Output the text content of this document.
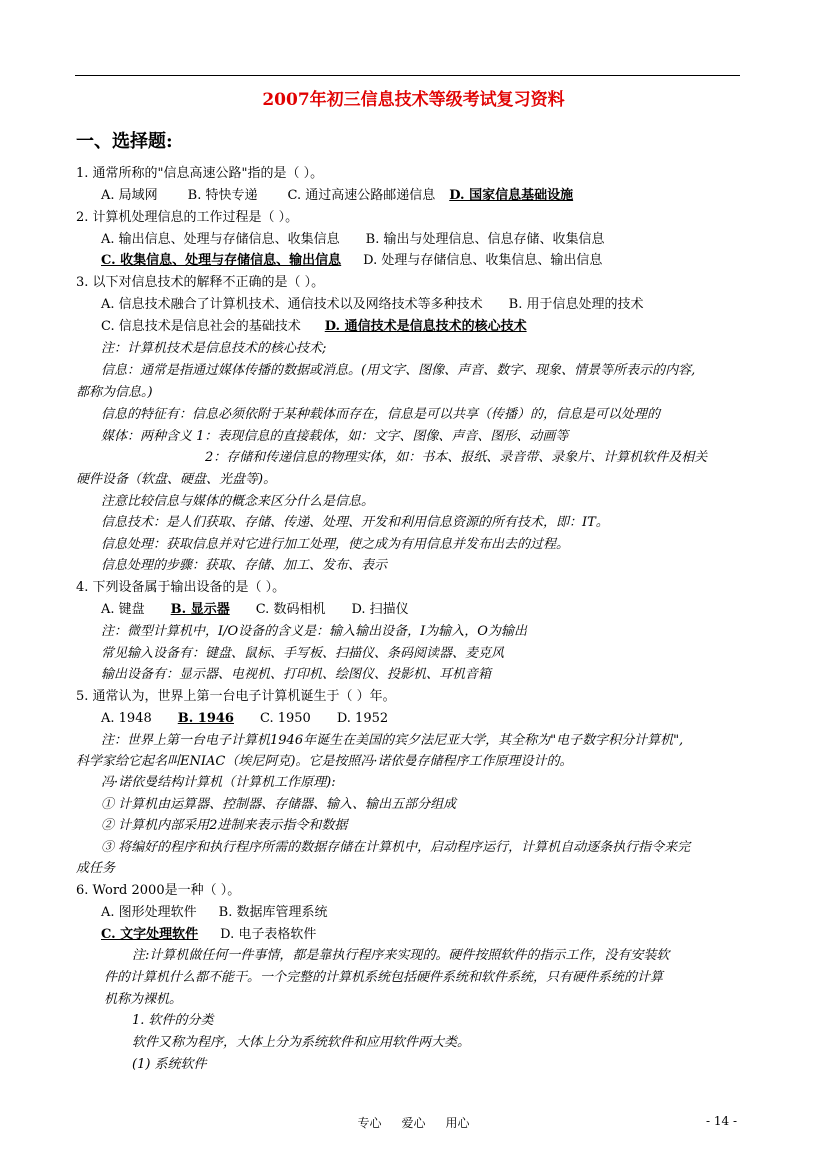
2007年初三信息技术等级考试复习资料
一、选择题:
1. 通常所称的"信息高速公路"指的是（ ）。
A. 局域网 B. 特快专递 C. 通过高速公路邮递信息 D. 国家信息基础设施
2. 计算机处理信息的工作过程是（ ）。
A. 输出信息、处理与存储信息、收集信息 B. 输出与处理信息、信息存储、收集信息
C. 收集信息、处理与存储信息、输出信息 D. 处理与存储信息、收集信息、输出信息
3. 以下对信息技术的解释不正确的是（ ）。
A. 信息技术融合了计算机技术、通信技术以及网络技术等多种技术 B. 用于信息处理的技术
C. 信息技术是信息社会的基础技术 D. 通信技术是信息技术的核心技术
注：计算机技术是信息技术的核心技术;
信息：通常是指通过媒体传播的数据或消息。(用文字、图像、声音、数字、现象、情景等所表示的内容,
都称为信息。)
信息的特征有：信息必须依附于某种载体而存在，信息是可以共享（传播）的，信息是可以处理的
媒体：两种含义 1：表现信息的直接载体，如：文字、图像、声音、图形、动画等
2：存储和传递信息的物理实体，如：书本、报纸、录音带、录象片、计算机软件及相关
硬件设备（软盘、硬盘、光盘等)。
注意比较信息与媒体的概念来区分什么是信息。
信息技术：是人们获取、存储、传递、处理、开发和利用信息资源的所有技术，即：IT。
信息处理：获取信息并对它进行加工处理，使之成为有用信息并发布出去的过程。
信息处理的步骤：获取、存储、加工、发布、表示
4. 下列设备属于输出设备的是（ ）。
A. 键盘 B. 显示器 C. 数码相机 D. 扫描仪
注：微型计算机中，I/O设备的含义是：输入输出设备，I为输入，O为输出
常见输入设备有：键盘、鼠标、手写板、扫描仪、条码阅读器、麦克风
输出设备有：显示器、电视机、打印机、绘图仪、投影机、耳机音箱
5. 通常认为，世界上第一台电子计算机诞生于（ ）年。
A. 1948 B. 1946 C. 1950 D. 1952
注：世界上第一台电子计算机1946年诞生在美国的宾夕法尼亚大学，其全称为"电子数字积分计算机",
科学家给它起名叫ENIAC（埃尼阿克)。它是按照冯·诺依曼存储程序工作原理设计的。
冯·诺依曼结构计算机（计算机工作原理):
① 计算机由运算器、控制器、存储器、输入、输出五部分组成
② 计算机内部采用2进制来表示指令和数据
③ 将编好的程序和执行程序所需的数据存储在计算机中，启动程序运行，计算机自动逐条执行指令来完
成任务
6. Word 2000是一种（ ）。
A. 图形处理软件 B. 数据库管理系统
C. 文字处理软件 D. 电子表格软件
注:计算机做任何一件事情，都是靠执行程序来实现的。硬件按照软件的指示工作，没有安装软
件的计算机什么都不能干。一个完整的计算机系统包括硬件系统和软件系统，只有硬件系统的计算
机称为裸机。
1. 软件的分类
软件又称为程序，大体上分为系统软件和应用软件两大类。
(1) 系统软件
专心 爱心 用心	- 14 -
